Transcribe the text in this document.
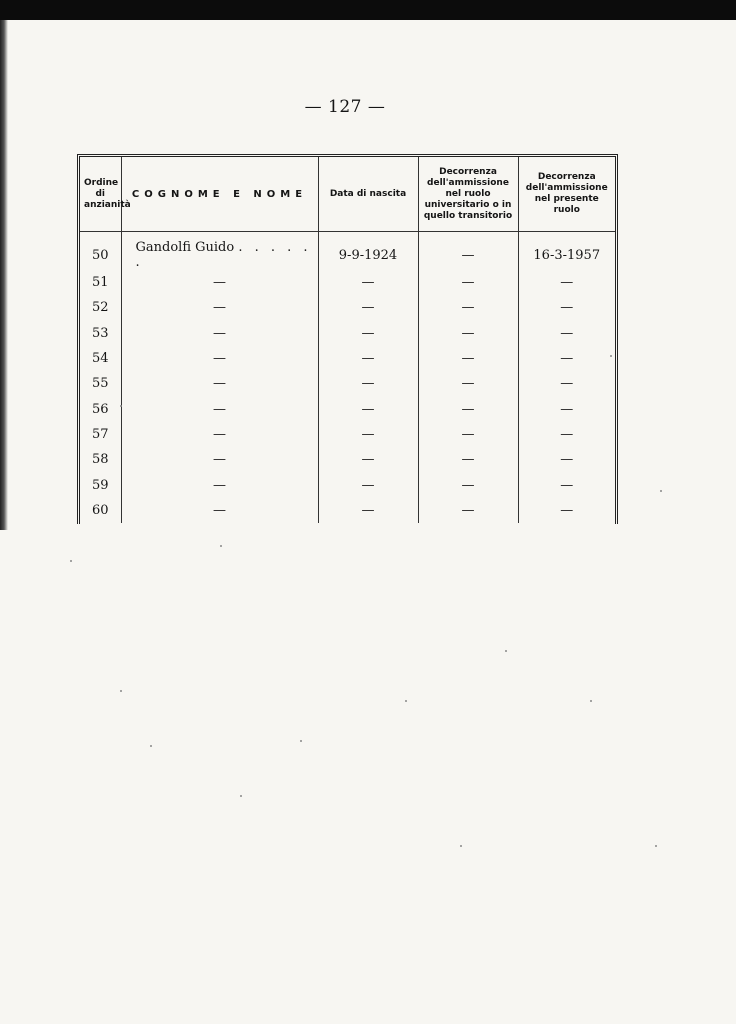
— 127 —
Ordine di anzianità	COGNOME E NOME	Data di nascita	Decorrenza dell'ammissione nel ruolo universitario o in quello transitorio	Decorrenza dell'ammissione nel presente ruolo

50	Gandolfi Guido . . . . . .	9-9-1924	—	16-3-1957
51	—	—	—	—
52	—	—	—	—
53	—	—	—	—
54	—	—	—	—
55	—	—	—	—
56	—	—	—	—
57	—	—	—	—
58	—	—	—	—
59	—	—	—	—
60	—	—	—	—
